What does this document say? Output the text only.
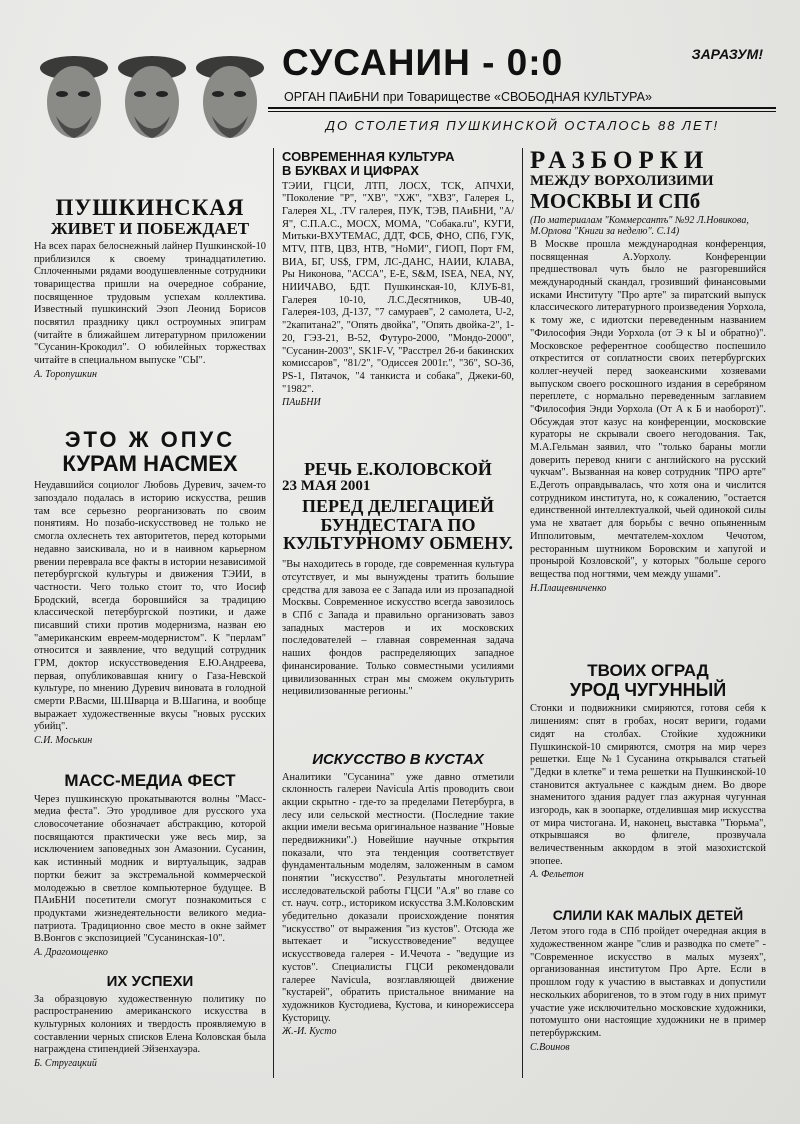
СУСАНИН - 0:0	ЗАРАЗУМ!
ОРГАН ПАиБНИ при Товариществе «СВОБОДНАЯ КУЛЬТУРА»
ДО СТОЛЕТИЯ ПУШКИНСКОЙ ОСТАЛОСЬ 88 ЛЕТ!
ПУШКИНСКАЯ
ЖИВЕТ И ПОБЕЖДАЕТ

На всех парах белоснежный лайнер Пушкинской-10 приблизился к своему тринадцатилетию. Сплоченными рядами воодушевленные сотрудники товарищества пришли на очередное собрание, посвященное трудовым успехам коллектива. Известный пушкинский Эзоп Леонид Борисов посвятил празднику цикл остроумных эпиграм (читайте в ближайшем литературном приложении "Сусанин-Крокодил". О юбилейных торжествах читайте в специальном выпуске "СЫ".

А. Торопушкин
ЭТО Ж ОПУС
КУРАМ НАСМЕХ

Неудавшийся социолог Любовь Дуревич, зачем-то запоздало подалась в историю искусства, решив там все серьезно реорганизовать по своим понятиям. Но позабо-искусствовед не только не смогла охлеснеть тех авторитетов, перед которыми недавно заискивала, но и в наивном карьерном рвении переврала все факты в истории независимой петербургской культуры и движения ТЭИИ, в частности. Чего только стоит то, что Иосиф Бродский, всегда боровшийся за традицию классической петербургской поэтики, и даже писавший стихи против модернизма, назван ею "американским евреем-модернистом". К "перлам" относится и заявление, что ведущий сотрудник ГРМ, доктор искусствоведения Е.Ю.Андреева, первая, опубликовавшая книгу о Газа-Невской культуре, по мнению Дуревич виновата в голодной смерти Р.Васми, Ш.Шварца и В.Шагина, и вообще выражает художественные вкусы "новых русских убийц".

С.И. Моськин
МАСС-МЕДИА ФЕСТ

Через пушкинскую прокатываются волны "Масс-медиа феста". Это уродливое для русского уха словосочетание обозначает абстракцию, которой посвящаются практически уже весь мир, за исключением заповедных зон Амазонии. Сусанин, как истинный модник и виртуальщик, задрав портки бежит за экстремальной коммерческой молодежью в светлое компьютерное будущее. В ПАиБНИ посетители смогут познакомиться с продуктами жизнедеятельности великого медиа-патриота. Традиционно свое место в окне займет В.Вонгов с экспозицией "Сусанинская-10".

А. Драгомощенко
ИХ УСПЕХИ

За образцовую художественную политику по распространению американского искусства в культурных колониях и твердость проявляемую в составлении черных списков Елена Коловская была награждена стипендией Эйзенхауэра.

Б. Стругацкий
СОВРЕМЕННАЯ КУЛЬТУРА
В БУКВАХ И ЦИФРАХ

ТЭИИ, ГЦСИ, ЛТП, ЛОСХ, ТСК, АПЧХИ, "Поколение "Р", "ХВ", "ХЖ", "ХВЗ", Галерея L, Галерея XL, .TV галерея, ПУК, ТЭВ, ПАиБНИ, "А/Я", С.П.А.С., МОСХ, МОМА, "Собака.ru", КУГИ, Митьки-ВХУТЕМАС, ДДТ, ФСБ, ФНО, СП6, ГУК, МТV, ПТВ, ЦВЗ, НТВ, "НоМИ", ГИОП, Порт FM, ВИА, БГ, US$, ГРМ, ЛС-ДАНС, НАИИ, КЛАВА, Ры Никонова, "АССА", Е-Е, S&M, ISEA, NEA, NY, НИИЧАВО, БДТ. Пушкинская-10, КЛУБ-81, Галерея 10-10, Л.С.Десятников, UB-40, Галерея-103, Д-137, "7 самураев", 2 самолета, U-2, "2капитана2", "Опять двойка", "Опять двойка-2", 1-20, ГЭЗ-21, В-52, Футуро-2000, "Мондо-2000", "Сусанин-2003", SK1F-V, "Расстрел 26-и бакинских комиссаров", "81/2", "Одиссея 2001г.", "36", SO-36, PS-1, Пятачок, "4 танкиста и собака", Джеки-60, "1982".

ПАиБНИ
РЕЧЬ Е.КОЛОВСКОЙ
23 МАЯ 2001
ПЕРЕД ДЕЛЕГАЦИЕЙ БУНДЕСТАГА ПО КУЛЬТУРНОМУ ОБМЕНУ.

"Вы находитесь в городе, где современная культура отсутствует, и мы вынуждены тратить большие средства для завоза ее с Запада или из прозападной Москвы. Современное искусство всегда завозилось в СПб с Запада и правильно организовать завоз западных мастеров и их московских последователей – главная современная задача наших фондов распределяющих западное финансирование. Только совместными усилиями цивилизованных стран мы сможем окультурить нецивилизованные регионы."

ИСКУССТВО В КУСТАХ

Аналитики "Сусанина" уже давно отметили склонность галереи Navicula Artis проводить свои акции скрытно - где-то за пределами Петербурга, в лесу или сельской местности. (Последние такие акции имели весьма оригинальное название "Новые передвижники".) Новейшие научные открытия показали, что эта тенденция соответствует фундаментальным моделям, заложенным в самом понятии "искусство". Результаты многолетней исследовательской работы ГЦСИ "А.я" во главе со ст. науч. сотр., историком искусства З.М.Коловским убедительно доказали происхождение понятия "искусство" от выражения "из кустов". Отсюда же вытекает и "искусствоведение" ведущее искусствоведа галерея - И.Чечота - "ведущие из кустов". Специалисты ГЦСИ рекомендовали галерее Navicula, возглавляющей движение "кустарей", обратить пристальное внимание на художников Кустодиева, Кустова, и кинорежиссера Кусторицу.

Ж.-И. Кусто
РАЗБОРКИ
МЕЖДУ ВОРХОЛИЗИМИ
МОСКВЫ И СПб
(По материалам "Коммерсантъ" №92 Л.Новикова, М.Орлова "Книги за неделю". С.14)

В Москве прошла международная конференция, посвященная А.Уорхолу. Конференции предшествовал чуть было не разгоревшийся международный скандал, грозивший финансовыми исками Институту "Про арте" за пиратский выпуск классического литературного произведения Уорхола, к тому же, с идиотски переведенным названием "Философия Энди Уорхола (от Э к Ы и обратно)". Московское референтное сообщество поспешило открестится от соплатности своих петербургских коллег-неучей перед заокеанскими хозяевами выпуском своего роскошного издания в серебряном переплете, с нормально переведенным заглавием "Философия Энди Уорхола (От А к Б и наоборот)". Обсуждая этот казус на конференции, московские кураторы не скрывали своего негодования. Так, М.А.Гельман заявил, что "только бараны могли доверить перевод книги с английского на русский чукчам". Вызванная на ковер сотрудник "ПРО арте" Е.Деготь оправдывалась, что хотя она и числится сотрудником института, но, к сожалению, "остается единственной интеллектуалкой, чьей одинокой силы ума не хватает для борьбы с вечно опьяненным Ипполитовым, мечтателем-хохлом Чечотом, ресторанным шутником Боровским и хапугой и пронырой Козловской", у которых "больше серого вещества под ногтями, чем между ушами".

Н.Плащевниченко
ТВОИХ ОГРАД
УРОД ЧУГУННЫЙ

Стонки и подвижники смиряются, готовя себя к лишениям: спят в гробах, носят вериги, годами сидят на столбах. Стойкие художники Пушкинской-10 смиряются, смотря на мир через решетки. Еще №1 Сусанина открывался статьей "Дедки в клетке" и тема решетки на Пушкинской-10 становится актуальнее с каждым днем. Во дворе знаменитого здания радует глаз ажурная чугунная изгородь, как в зоопарке, отделившая мир искусства от мира чистогана. И, наконец, выставка "Тюрьма", открывшаяся во флигеле, прозвучала величественным аккордом в этой мазохистской эпопее.

А. Фельетон
СЛИЛИ КАК МАЛЫХ ДЕТЕЙ

Летом этого года в СПб пройдет очередная акция в художественном жанре "слив и разводка по смете" - "Современное искусство в малых музеях", организованная институтом Про Арте. Если в прошлом году к участию в выставках и допустили нескольких аборигенов, то в этом году в них примут участие уже исключительно московские художники, потомушто они настоящие художники не в пример петербуржским.

С.Воинов
